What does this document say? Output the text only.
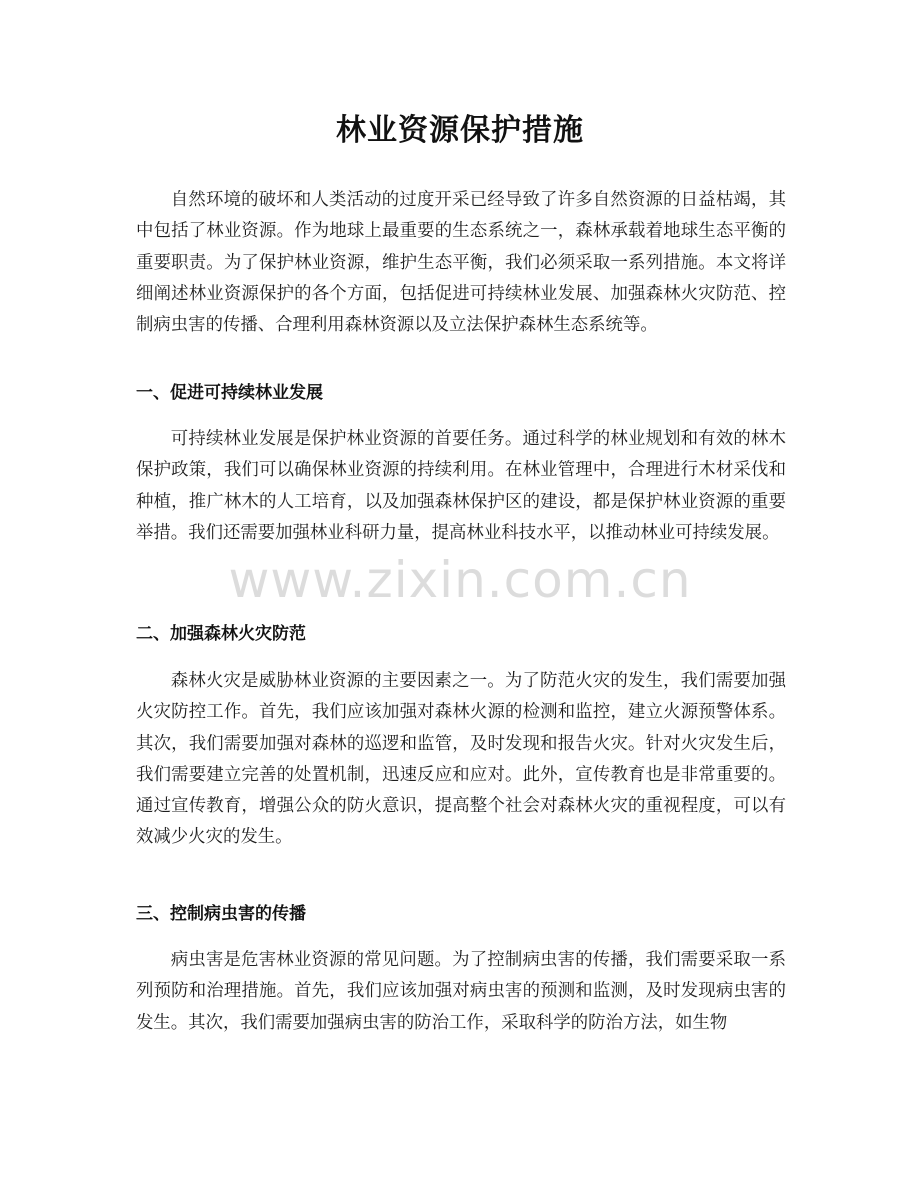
林业资源保护措施

自然环境的破坏和人类活动的过度开采已经导致了许多自然资源的日益枯竭，其中包括了林业资源。作为地球上最重要的生态系统之一，森林承载着地球生态平衡的重要职责。为了保护林业资源，维护生态平衡，我们必须采取一系列措施。本文将详细阐述林业资源保护的各个方面，包括促进可持续林业发展、加强森林火灾防范、控制病虫害的传播、合理利用森林资源以及立法保护森林生态系统等。

一、促进可持续林业发展

可持续林业发展是保护林业资源的首要任务。通过科学的林业规划和有效的林木保护政策，我们可以确保林业资源的持续利用。在林业管理中，合理进行木材采伐和种植，推广林木的人工培育，以及加强森林保护区的建设，都是保护林业资源的重要举措。我们还需要加强林业科研力量，提高林业科技水平，以推动林业可持续发展。

二、加强森林火灾防范

森林火灾是威胁林业资源的主要因素之一。为了防范火灾的发生，我们需要加强火灾防控工作。首先，我们应该加强对森林火源的检测和监控，建立火源预警体系。其次，我们需要加强对森林的巡逻和监管，及时发现和报告火灾。针对火灾发生后，我们需要建立完善的处置机制，迅速反应和应对。此外，宣传教育也是非常重要的。通过宣传教育，增强公众的防火意识，提高整个社会对森林火灾的重视程度，可以有效减少火灾的发生。

三、控制病虫害的传播

病虫害是危害林业资源的常见问题。为了控制病虫害的传播，我们需要采取一系列预防和治理措施。首先，我们应该加强对病虫害的预测和监测，及时发现病虫害的发生。其次，我们需要加强病虫害的防治工作，采取科学的防治方法，如生物

www.zixin.com.cn
